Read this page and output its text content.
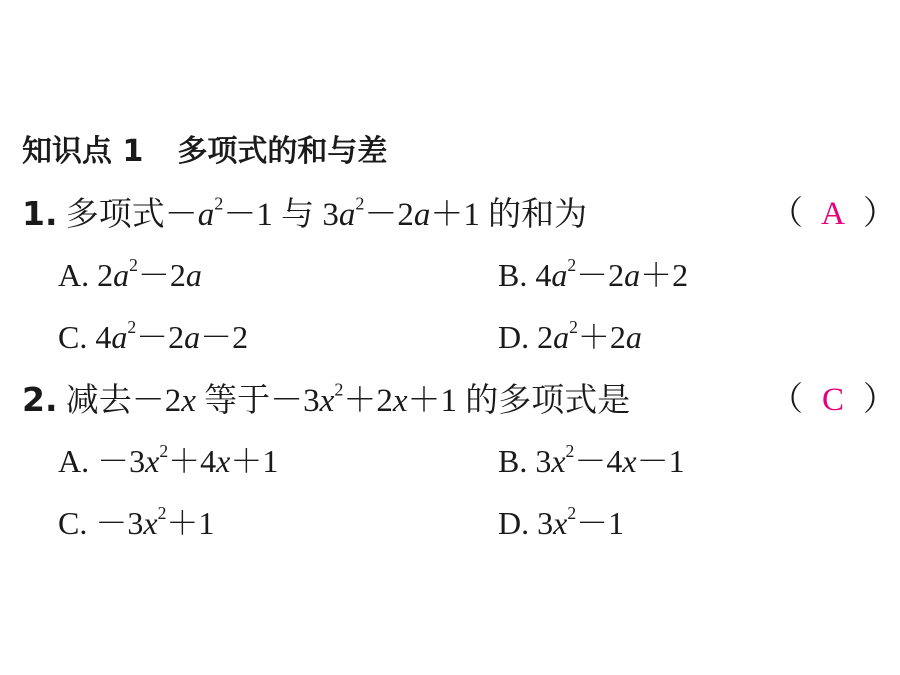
知识点 1 多项式的和与差
1. 多项式$-a^2-1$ 与 $3a^2-2a+1$ 的和为	（ A ）
A. $2a^2-2a$	B. $4a^2-2a+2$
C. $4a^2-2a-2$	D. $2a^2+2a$
2. 减去－2x 等于$-3x^2+2x+1$ 的多项式是	（ C ）
A. $-3x^2+4x+1$	B. $3x^2-4x-1$
C. $-3x^2+1$	D. $3x^2-1$
